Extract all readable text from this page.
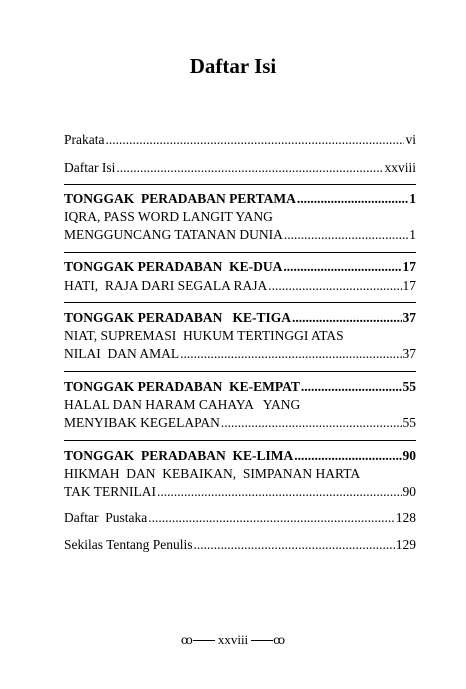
Daftar Isi
Prakata .....	vi
Daftar Isi .....	xxviii
TONGGAK  PERADABAN PERTAMA .....	1
IQRA, PASS WORD LANGIT YANG
MENGGUNCANG TATANAN DUNIA .....	1
TONGGAK PERADABAN  KE-DUA .....	17
HATI,  RAJA DARI SEGALA RAJA .....	17
TONGGAK PERADABAN   KE-TIGA .....	37
NIAT, SUPREMASI  HUKUM TERTINGGI ATAS
NILAI  DAN AMAL .....	37
TONGGAK PERADABAN  KE-EMPAT .....	55
HALAL DAN HARAM CAHAYA   YANG
MENYIBAK KEGELAPAN .....	55
TONGGAK  PERADABAN  KE-LIMA .....	90
HIKMAH  DAN  KEBAIKAN,  SIMPANAN HARTA
TAK TERNILAI .....	90
Daftar  Pustaka .....	128
Sekilas Tentang Penulis .....	129
ꝏ xxviii ꝏ
